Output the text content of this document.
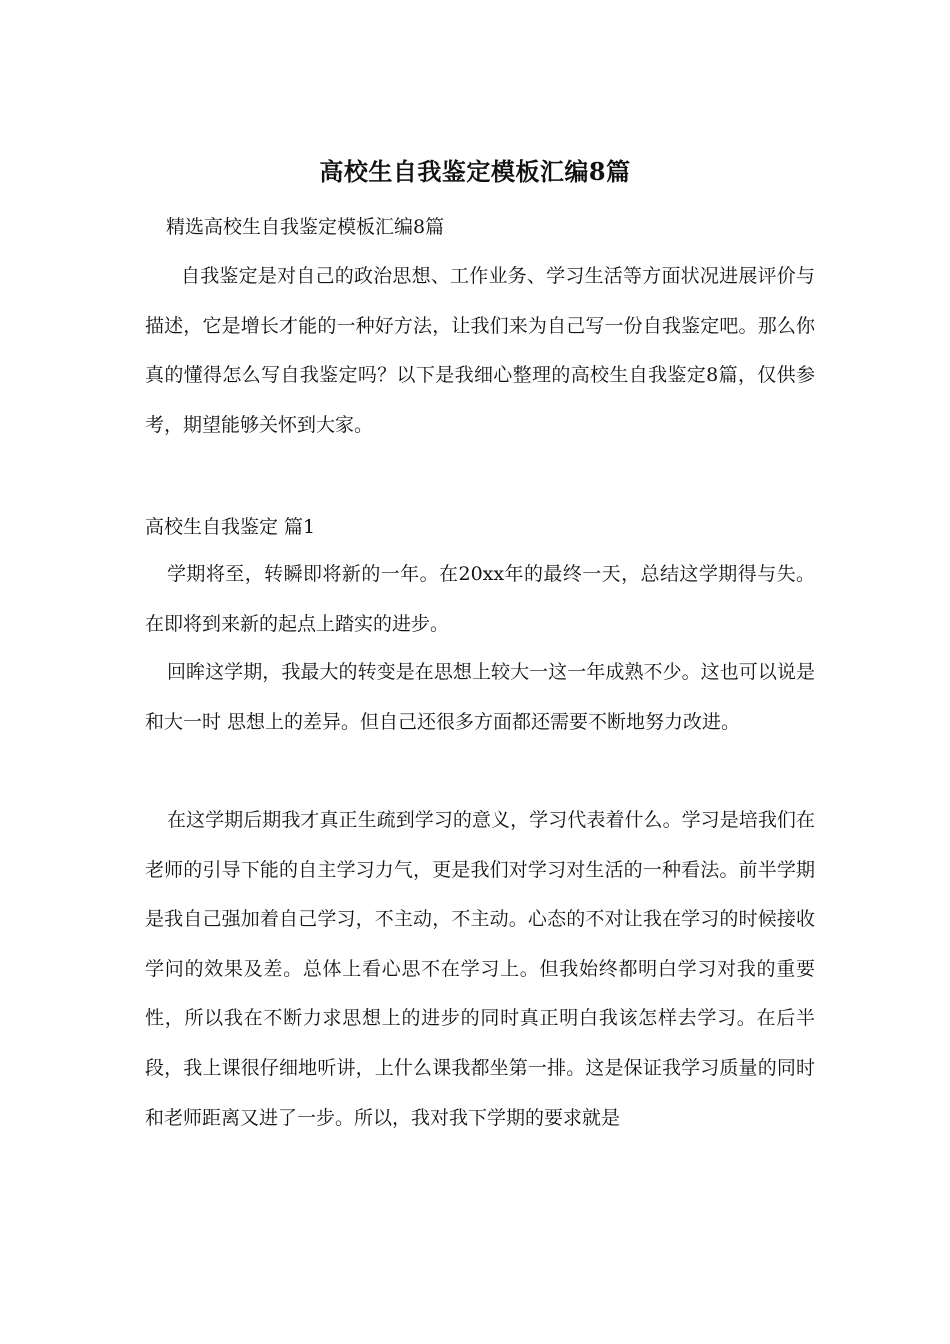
高校生自我鉴定模板汇编8篇
精选高校生自我鉴定模板汇编8篇

自我鉴定是对自己的政治思想、工作业务、学习生活等方面状况进展评价与描述，它是增长才能的一种好方法，让我们来为自己写一份自我鉴定吧。那么你真的懂得怎么写自我鉴定吗？以下是我细心整理的高校生自我鉴定8篇，仅供参考，期望能够关怀到大家。

高校生自我鉴定 篇1

学期将至，转瞬即将新的一年。在20xx年的最终一天，总结这学期得与失。在即将到来新的起点上踏实的进步。

回眸这学期，我最大的转变是在思想上较大一这一年成熟不少。这也可以说是和大一时 思想上的差异。但自己还很多方面都还需要不断地努力改进。

在这学期后期我才真正生疏到学习的意义，学习代表着什么。学习是培我们在老师的引导下能的自主学习力气，更是我们对学习对生活的一种看法。前半学期是我自己强加着自己学习，不主动，不主动。心态的不对让我在学习的时候接收学问的效果及差。总体上看心思不在学习上。但我始终都明白学习对我的重要性，所以我在不断力求思想上的进步的同时真正明白我该怎样去学习。在后半段，我上课很仔细地听讲，上什么课我都坐第一排。这是保证我学习质量的同时和老师距离又进了一步。所以，我对我下学期的要求就是
